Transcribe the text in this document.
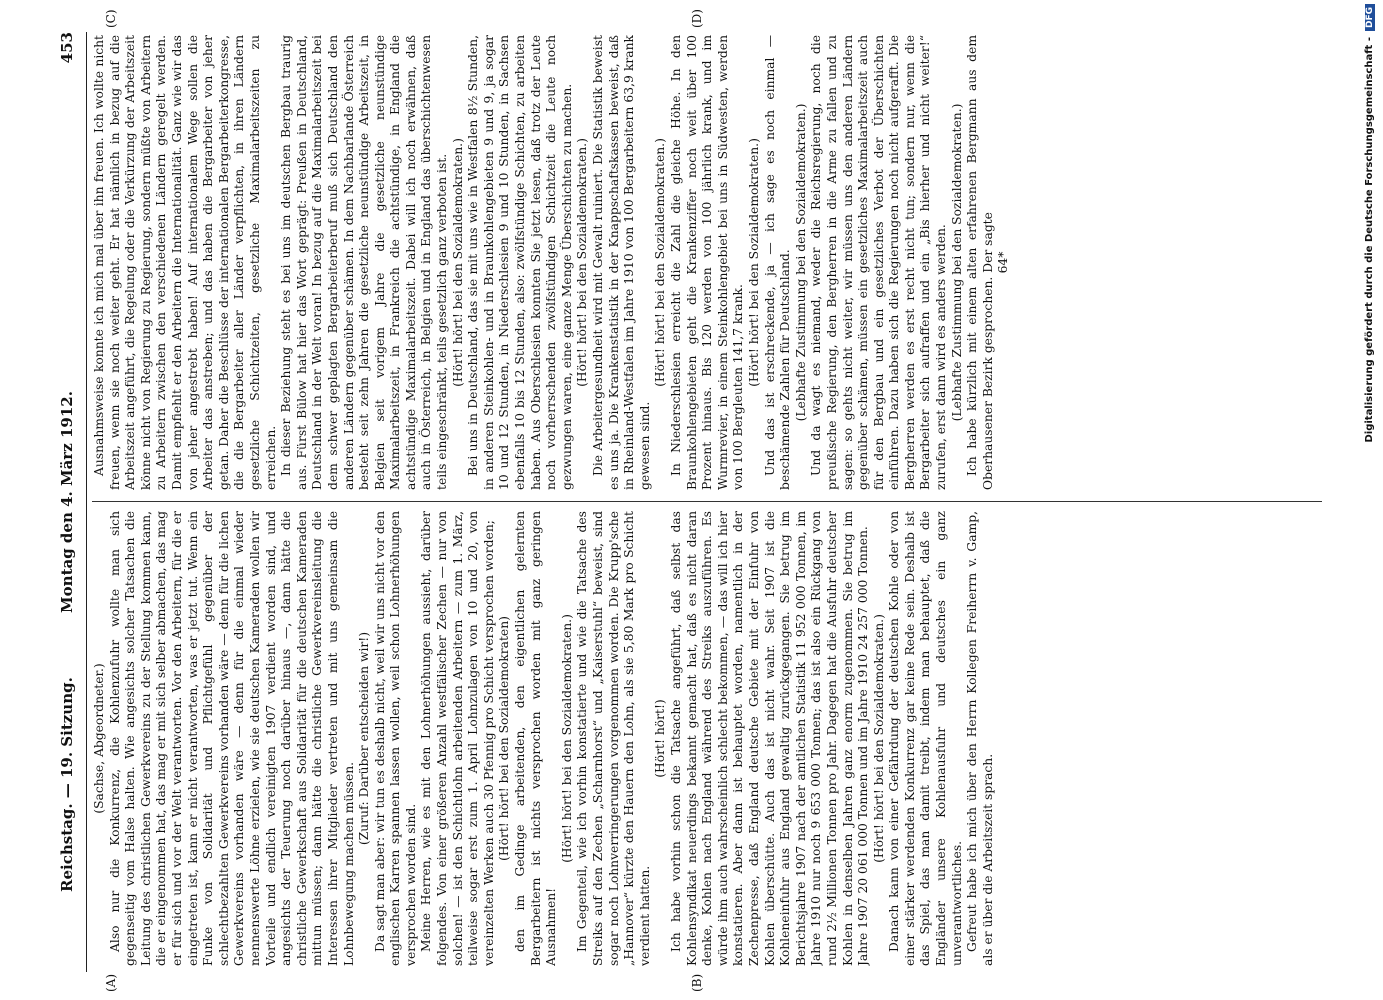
Reichstag. — 19. Sitzung.
Montag den 4. März 1912.
453
(A)	(B)
(C)	(D)

(Sachse, Abgeordneter.) Also nur die Konkurrenz, die Kohlenzufuhr wollte man sich gegenseitig vom Halse halten. Wie angesichts solcher Tatsachen die Leitung des christlichen Gewerkvereins zu der Stellung kommen kann, die er eingenommen hat, das mag er mit sich selber abmachen, das mag er für sich und vor der Welt verantworten. Vor den Arbeitern, für die er eingetreten ist, kann er nicht verantworten, was er jetzt tut. Wenn ein Funke von Solidarität und Pflichtgefühl gegenüber der schlechtbezahlten Gewerkvereins vorhanden wäre — denn für die lichen Gewerkvereins vorhanden wäre — denn für die einmal wieder nennenswerte Löhne erzielen, wie sie deutschen Kameraden wollen wir Vorteile und endlich vereinigten 1907 verdient worden sind, und angesichts der Teuerung noch darüber hinaus —, dann hätte die christliche Gewerkschaft aus Solidarität für die deutschen Kameraden mittun müssen; dann hätte die christliche Gewerkvereinsleitung die Interessen ihrer Mitglieder vertreten und mit uns gemeinsam die Lohnbewegung machen müssen.

(Zuruf: Darüber entscheiden wir!) Da sagt man aber: wir tun es deshalb nicht, weil wir uns nicht vor den englischen Karren spannen lassen wollen, weil schon Lohnerhöhungen versprochen worden sind. Meine Herren, wie es mit den Lohnerhöhungen aussieht, darüber folgendes. Von einer größeren Anzahl westfälischer Zechen — nur von solchen! — ist den Schichtlohn arbeitenden Arbeitern — zum 1. März, teilweise sogar erst zum 1. April Lohnzulagen von 10 und 20, von vereinzelten Werken auch 30 Pfennig pro Schicht versprochen worden; (Hört! hört! bei den Sozialdemokraten) den im Gedinge arbeitenden, den eigentlichen gelernten Bergarbeitern ist nichts versprochen worden mit ganz geringen Ausnahmen!

(Hört! hört! bei den Sozialdemokraten.) Im Gegenteil, wie ich vorhin konstatierte und wie die Tatsache des Streiks auf den Zechen „Scharnhorst“ und „Kaiserstuhl“ beweist, sind sogar noch Lohnverringerungen vorgenommen worden. Die Krupp'sche „Hannover“ kürzte den Hauern den Lohn, als sie 5,80 Mark pro Schicht verdient hatten.

(Hört! hört!) Ich habe vorhin schon die Tatsache angeführt, daß selbst das Kohlensyndikat neuerdings bekannt gemacht hat, daß es nicht daran denke, Kohlen nach England während des Streiks auszuführen. Es würde ihm auch wahrscheinlich schlecht bekommen, — das will ich hier konstatieren. Aber dann ist behauptet worden, namentlich in der Zechenpresse, daß England deutsche Gebiete mit der Einfuhr von Kohlen überschütte. Auch das ist nicht wahr. Seit 1907 ist die Kohleneinfuhr aus England gewaltig zurückgegangen. Sie betrug im Berichtsjahre 1907 nach der amtlichen Statistik 11 952 000 Tonnen, im Jahre 1910 nur noch 9 653 000 Tonnen; das ist also ein Rückgang von rund 2½ Millionen Tonnen pro Jahr. Dagegen hat die Ausfuhr deutscher Kohlen in denselben Jahren ganz enorm zugenommen. Sie betrug im Jahre 1907 20 061 000 Tonnen und im Jahre 1910 24 257 000 Tonnen. (Hört! hört! bei den Sozialdemokraten.) Danach kann von einer Gefährdung der deutschen Kohle oder von einer stärker werdenden Konkurrenz gar keine Rede sein. Deshalb ist das Spiel, das man damit treibt, indem man behauptet, daß die Engländer unsere Kohlenausfuhr und deutsches ein ganz unverantwortliches. Gefreut habe ich mich über den Herrn Kollegen Freiherrn v. Gamp, als er über die Arbeitszeit sprach.

Ausnahmsweise konnte ich mich mal über ihn freuen. Ich wollte nicht freuen, wenn sie noch weiter geht. Er hat nämlich in bezug auf die Arbeitszeit angeführt, die Regelung oder die Verkürzung der Arbeitszeit könne nicht von Regierung zu Regierung, sondern müßte von Arbeitern zu Arbeitern zwischen den verschiedenen Ländern geregelt werden. Damit empfiehlt er den Arbeitern die Internationalität. Ganz wie wir das von jeher angestrebt haben! Auf internationalem Wege sollen die Arbeiter das anstreben; und das haben die Bergarbeiter von jeher getan. Daher die Beschlüsse der internationalen Bergarbeiterkongresse, die die Bergarbeiter aller Länder verpflichten, in ihren Ländern gesetzliche Schichtzeiten, gesetzliche Maximalarbeitszeiten zu erreichen. In dieser Beziehung steht es bei uns im deutschen Bergbau traurig aus. Fürst Bülow hat hier das Wort geprägt: Preußen in Deutschland, Deutschland in der Welt voran! In bezug auf die Maximalarbeitszeit bei dem schwer geplagten Bergarbeiterberuf muß sich Deutschland den anderen Ländern gegenüber schämen. In dem Nachbarlande Österreich besteht seit zehn Jahren die gesetzliche neunstündige Arbeitszeit, in Belgien seit vorigem Jahre die gesetzliche neunstündige Maximalarbeitszeit, in Frankreich die achtstündige, in England die achtstündige Maximalarbeitszeit. Dabei will ich noch erwähnen, daß auch in Österreich, in Belgien und in England das überschichtenwesen teils eingeschränkt, teils gesetzlich ganz verboten ist. (Hört! hört! bei den Sozialdemokraten.) Bei uns in Deutschland, das sie mit uns wie in Westfalen 8½ Stunden, in anderen Steinkohlen- und in Braunkohlengebieten 9 und 9, ja sogar 10 und 12 Stunden, in Niederschlesien 9 und 10 Stunden, in Sachsen ebenfalls 10 bis 12 Stunden, also: zwölfstündige Schichten, zu arbeiten haben. Aus Oberschlesien konnten Sie jetzt lesen, daß trotz der Leute noch vorherrschenden zwölfstündigen Schichtzeit die Leute noch gezwungen waren, eine ganze Menge Überschichten zu machen. (Hört! hört! bei den Sozialdemokraten.) Die Arbeitergesundheit wird mit Gewalt ruiniert. Die Statistik beweist es uns ja. Die Krankenstatistik in der Knappschaftskassen beweist, daß in Rheinland-Westfalen im Jahre 1910 von 100 Bergarbeitern 63,9 krank gewesen sind.

(Hört! hört! bei den Sozialdemokraten.) In Niederschlesien erreicht die Zahl die gleiche Höhe. In den Braunkohlengebieten geht die Krankenziffer noch weit über 100 Prozent hinaus. Bis 120 werden von 100 jährlich krank, und im Wurmrevier, in einem Steinkohlengebiet bei uns in Südwesten, werden von 100 Bergleuten 141,7 krank.

(Hört! hört! bei den Sozialdemokraten.) Und das ist erschreckende, ja — ich sage es noch einmal — beschämende Zahlen für Deutschland. (Lebhafte Zustimmung bei den Sozialdemokraten.) Und da wagt es niemand, weder die Reichsregierung, noch die preußische Regierung, den Bergherren in die Arme zu fallen und zu sagen: so gehts nicht weiter, wir müssen uns den anderen Ländern gegenüber schämen, müssen ein gesetzliches Maximalarbeitszeit auch für den Bergbau und ein gesetzliches Verbot der Überschichten einführen. Dazu haben sich die Regierungen noch nicht aufgerafft. Die Bergherren werden es erst recht nicht tun; sondern nur, wenn die Bergarbeiter sich aufraffen und ein „Bis hierher und nicht weiter!“ zurufen, erst dann wird es anders werden. (Lebhafte Zustimmung bei den Sozialdemokraten.) Ich habe kürzlich mit einem alten erfahrenen Bergmann aus dem Oberhausener Bezirk gesprochen. Der sagte 64*	Digitalisierung gefördert durch die Deutsche Forschungsgemeinschaft -DFG
